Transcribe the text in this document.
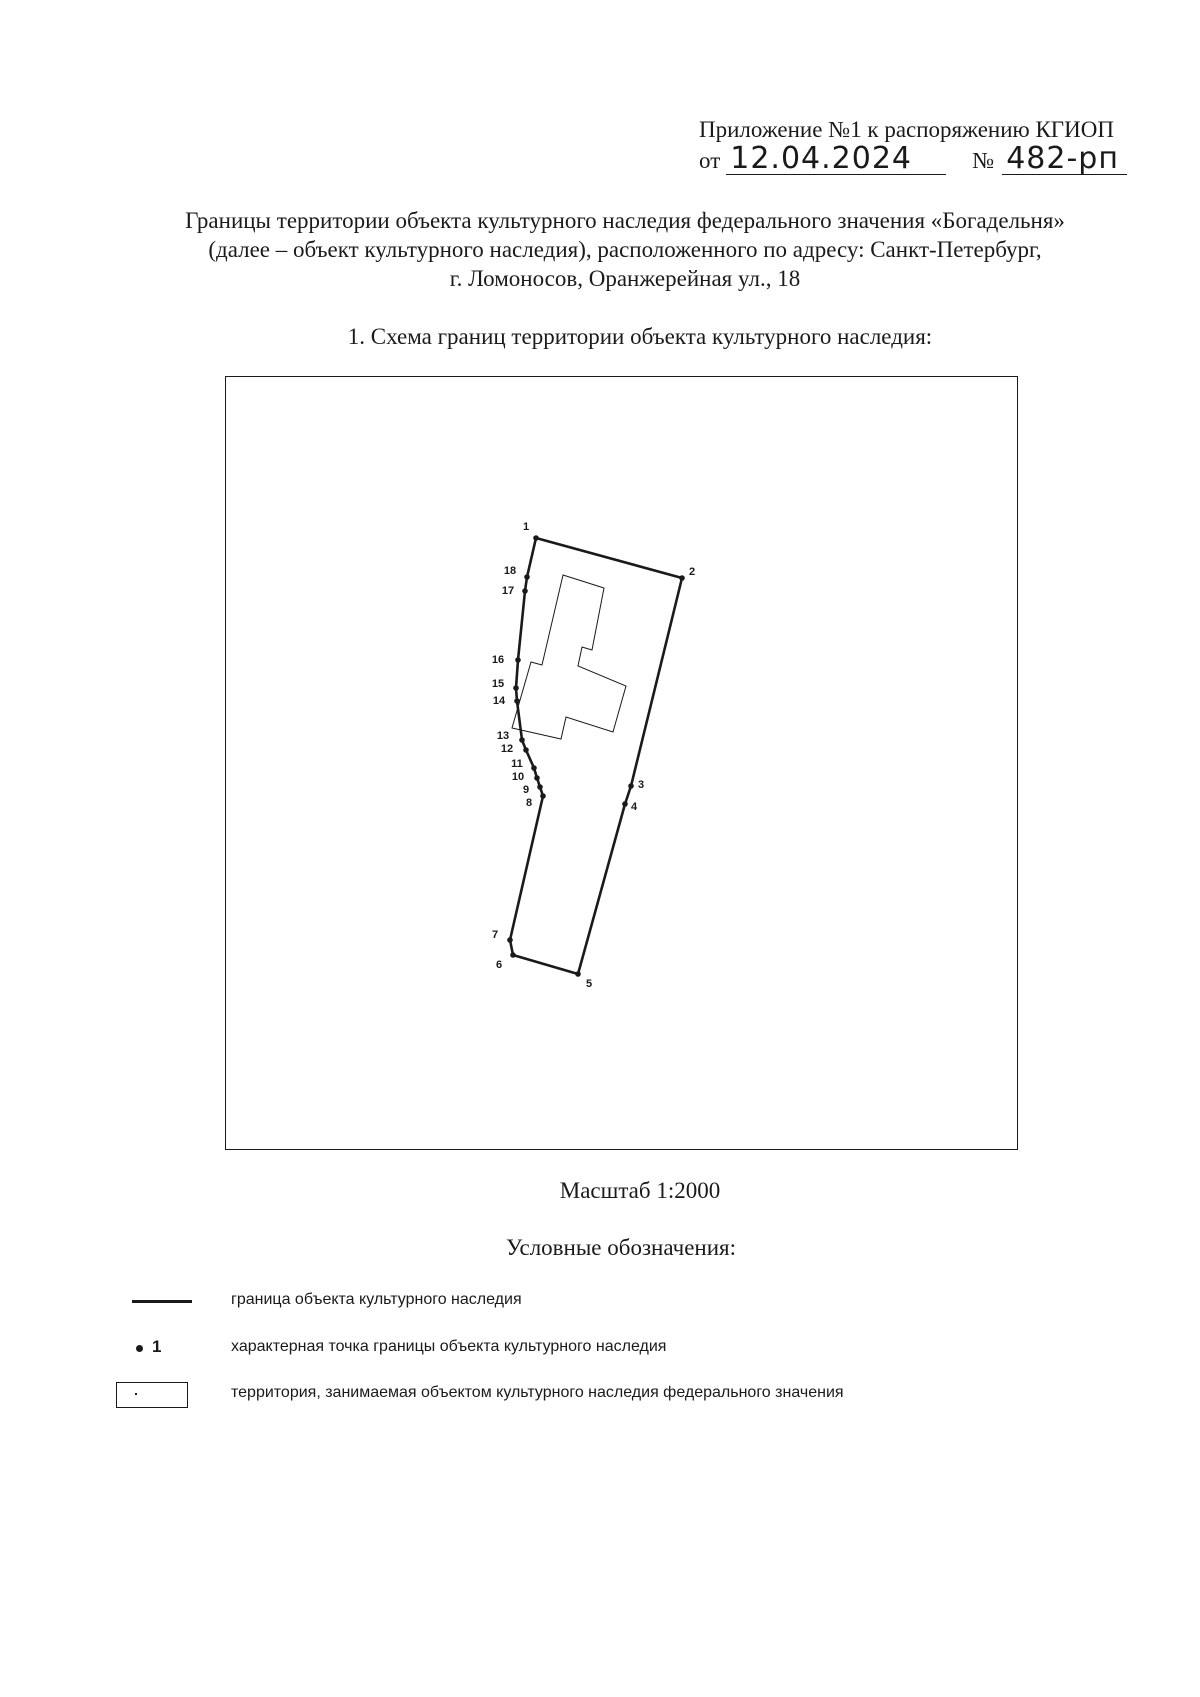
Приложение №1 к распоряжению КГИОП
от 12.04.2024	№ 482-рп
Границы территории объекта культурного наследия федерального значения «Богадельня»
(далее – объект культурного наследия), расположенного по адресу: Санкт-Петербург,
г. Ломоносов, Оранжерейная ул., 18
1. Схема границ территории объекта культурного наследия:
1
2
3
4
5
6
7
8
9
10
11
12
13
14
15
16
17
18
Масштаб 1:2000
Условные обозначения:
граница объекта культурного наследия
1	характерная точка границы объекта культурного наследия
территория, занимаемая объектом культурного наследия федерального значения
